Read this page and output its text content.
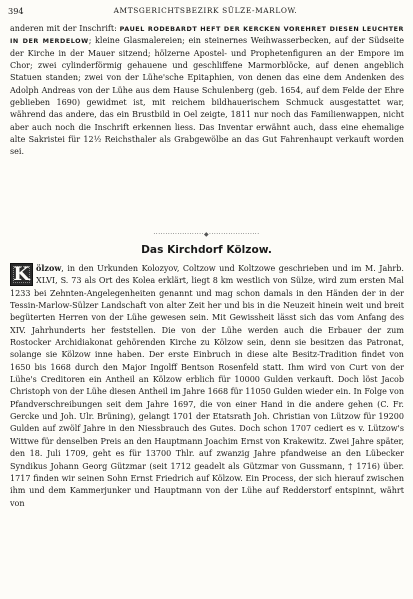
394	AMTSGERICHTSBEZIRK SÜLZE-MARLOW.

anderen mit der Inschrift: PAUEL RODEBARDT HEFT DER KERCKEN VOREHRET DIESEN LEUCHTER IN DER MERDELOW; kleine Glasmalereien; ein steinernes Weihwasserbecken, auf der Südseite der Kirche in der Mauer sitzend; hölzerne Apostel- und Prophetenfiguren an der Empore im Chor; zwei cylinderförmig gehauene und geschliffene Marmorblöcke, auf denen angeblich Statuen standen; zwei von der Lühe'sche Epitaphien, von denen das eine dem Andenken des Adolph Andreas von der Lühe aus dem Hause Schulenberg (geb. 1654, auf dem Felde der Ehre geblieben 1690) gewidmet ist, mit reichem bildhauerischem Schmuck ausgestattet war, während das andere, das ein Brustbild in Oel zeigte, 1811 nur noch das Familienwappen, nicht aber auch noch die Inschrift erkennen liess. Das Inventar erwähnt auch, dass eine ehemalige alte Sakristei für 12½ Reichsthaler als Grabgewölbe an das Gut Fahrenhaupt verkauft worden sei.

·····················◆·····················
Das Kirchdorf Kölzow.

K ölzow, in den Urkunden Kolozyov, Coltzow und Koltzowe geschrieben und im M. Jahrb. XLVI, S. 73 als Ort des Kolea erklärt, liegt 8 km westlich von Sülze, wird zum ersten Mal 1233 bei Zehnten-Angelegenheiten genannt und mag schon damals in den Händen der in der Tessin-Marlow-Sülzer Landschaft von alter Zeit her und bis in die Neuzeit hinein weit und breit begüterten Herren von der Lühe gewesen sein. Mit Gewissheit lässt sich das vom Anfang des XIV. Jahrhunderts her feststellen. Die von der Lühe werden auch die Erbauer der zum Rostocker Archidiakonat gehörenden Kirche zu Kölzow sein, denn sie besitzen das Patronat, solange sie Kölzow inne haben. Der erste Einbruch in diese alte Besitz-Tradition findet von 1650 bis 1668 durch den Major Ingolff Bentson Rosenfeld statt. Ihm wird von Curt von der Lühe's Creditoren ein Antheil an Kölzow erblich für 10000 Gulden verkauft. Doch löst Jacob Christoph von der Lühe diesen Antheil im Jahre 1668 für 11050 Gulden wieder ein. In Folge von Pfandverschreibungen seit dem Jahre 1697, die von einer Hand in die andere gehen (C. Fr. Gercke und Joh. Ulr. Brüning), gelangt 1701 der Etatsrath Joh. Christian von Lützow für 19200 Gulden auf zwölf Jahre in den Niessbrauch des Gutes. Doch schon 1707 cediert es v. Lützow's Wittwe für denselben Preis an den Hauptmann Joachim Ernst von Krakewitz. Zwei Jahre später, den 18. Juli 1709, geht es für 13700 Thlr. auf zwanzig Jahre pfandweise an den Lübecker Syndikus Johann Georg Gützmar (seit 1712 geadelt als Gützmar von Gussmann, † 1716) über. 1717 finden wir seinen Sohn Ernst Friedrich auf Kölzow. Ein Process, der sich hierauf zwischen ihm und dem Kammerjunker und Hauptmann von der Lühe auf Redderstorf entspinnt, währt von
